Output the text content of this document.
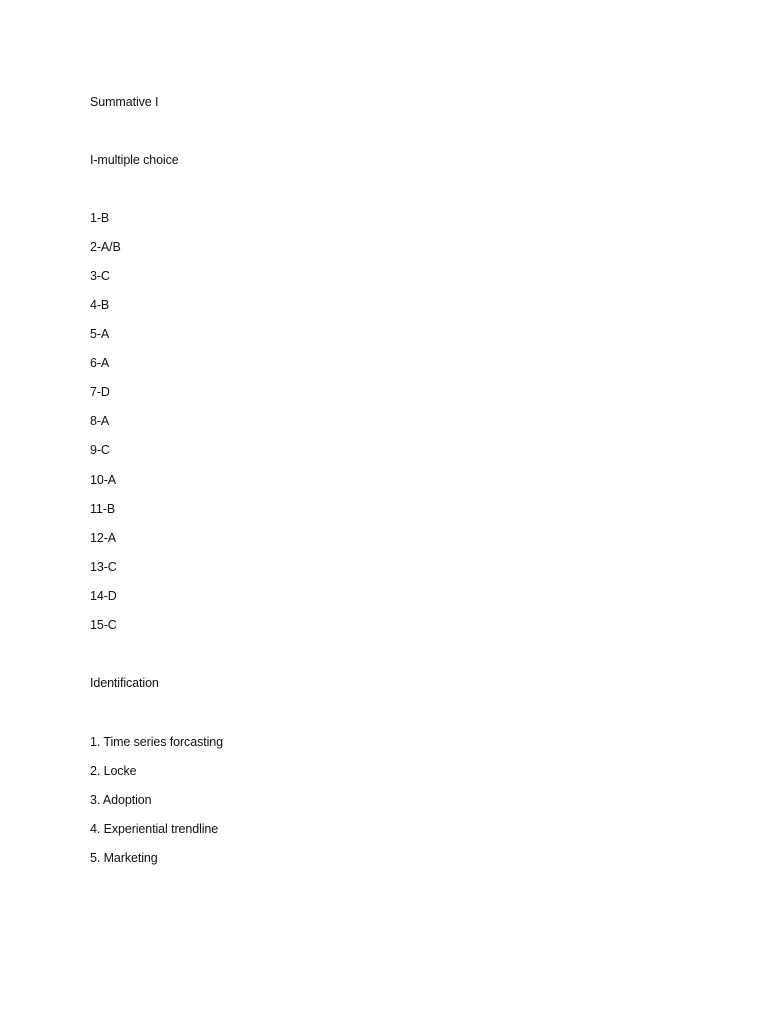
Summative I
I-multiple choice
1-B
2-A/B
3-C
4-B
5-A
6-A
7-D
8-A
9-C
10-A
11-B
12-A
13-C
14-D
15-C
Identification
1. Time series forcasting
2. Locke
3. Adoption
4. Experiential trendline
5. Marketing
